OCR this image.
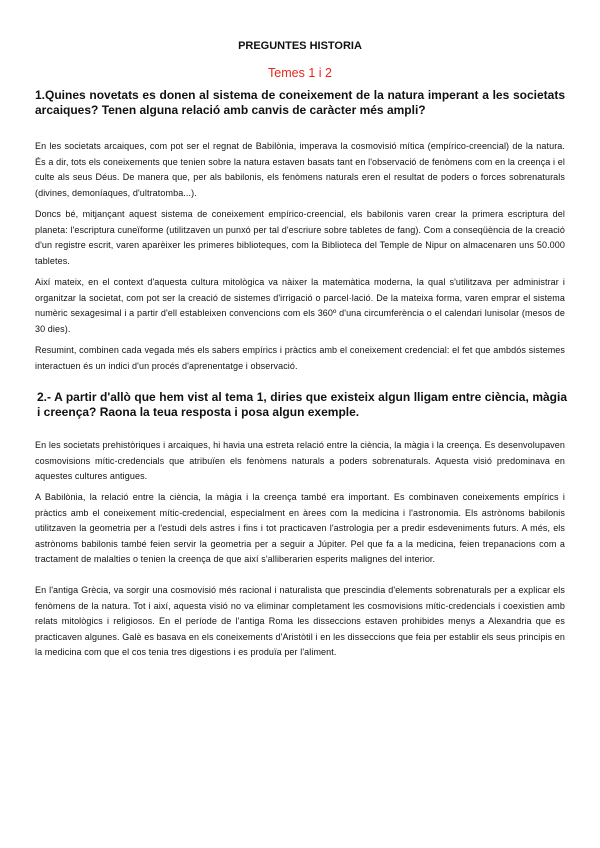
PREGUNTES HISTORIA
Temes 1 i 2
1.Quines novetats es donen al sistema de coneixement de la natura imperant a les societats arcaiques? Tenen alguna relació amb canvis de caràcter més ampli?

En les societats arcaiques, com pot ser el regnat de Babilònia, imperava la cosmovisió mítica (empírico-creencial) de la natura. És a dir, tots els coneixements que tenien sobre la natura estaven basats tant en l'observació de fenòmens com en la creença i el culte als seus Déus. De manera que, per als babilonis, els fenòmens naturals eren el resultat de poders o forces sobrenaturals (divines, demoníaques, d'ultratomba...).

Doncs bé, mitjançant aquest sistema de coneixement empírico-creencial, els babilonis varen crear la primera escriptura del planeta: l'escriptura cuneïforme (utilitzaven un punxó per tal d'escriure sobre tabletes de fang). Com a conseqüència de la creació d'un registre escrit, varen aparèixer les primeres biblioteques, com la Biblioteca del Temple de Nipur on almacenaren uns 50.000 tabletes.

Així mateix, en el context d'aquesta cultura mitològica va nàixer la matemàtica moderna, la qual s'utilitzava per administrar i organitzar la societat, com pot ser la creació de sistemes d'irrigació o parcel·lació. De la mateixa forma, varen emprar el sistema numèric sexagesimal i a partir d'ell estableixen convencions com els 360º d'una circumferència o el calendari lunisolar (mesos de 30 dies).

Resumint, combinen cada vegada més els sabers empírics i pràctics amb el coneixement credencial: el fet que ambdós sistemes interactuen és un indici d'un procés d'aprenentatge i observació.

2.- A partir d'allò que hem vist al tema 1, diries que existeix algun lligam entre ciència, màgia i creença? Raona la teua resposta i posa algun exemple.

En les societats prehistòriques i arcaiques, hi havia una estreta relació entre la ciència, la màgia i la creença. Es desenvolupaven cosmovisions mític-credencials que atribuïen els fenòmens naturals a poders sobrenaturals. Aquesta visió predominava en aquestes cultures antigues.

A Babilònia, la relació entre la ciència, la màgia i la creença també era important. Es combinaven coneixements empírics i pràctics amb el coneixement mític-credencial, especialment en àrees com la medicina i l'astronomia. Els astrònoms babilonis utilitzaven la geometria per a l'estudi dels astres i fins i tot practicaven l'astrologia per a predir esdeveniments futurs. A més, els astrònoms babilonis també feien servir la geometria per a seguir a Júpiter. Pel que fa a la medicina, feien trepanacions com a tractament de malalties o tenien la creença de que així s'alliberarien esperits malignes del interior.

En l'antiga Grècia, va sorgir una cosmovisió més racional i naturalista que prescindia d'elements sobrenaturals per a explicar els fenòmens de la natura. Tot i així, aquesta visió no va eliminar completament les cosmovisions mític-credencials i coexistien amb relats mitològics i religiosos. En el període de l'antiga Roma les disseccions estaven prohibides menys a Alexandria que es practicaven algunes. Galè es basava en els coneixements d'Aristòtil i en les disseccions que feia per establir els seus principis en la medicina com que el cos tenia tres digestions i es produïa per l'aliment.
